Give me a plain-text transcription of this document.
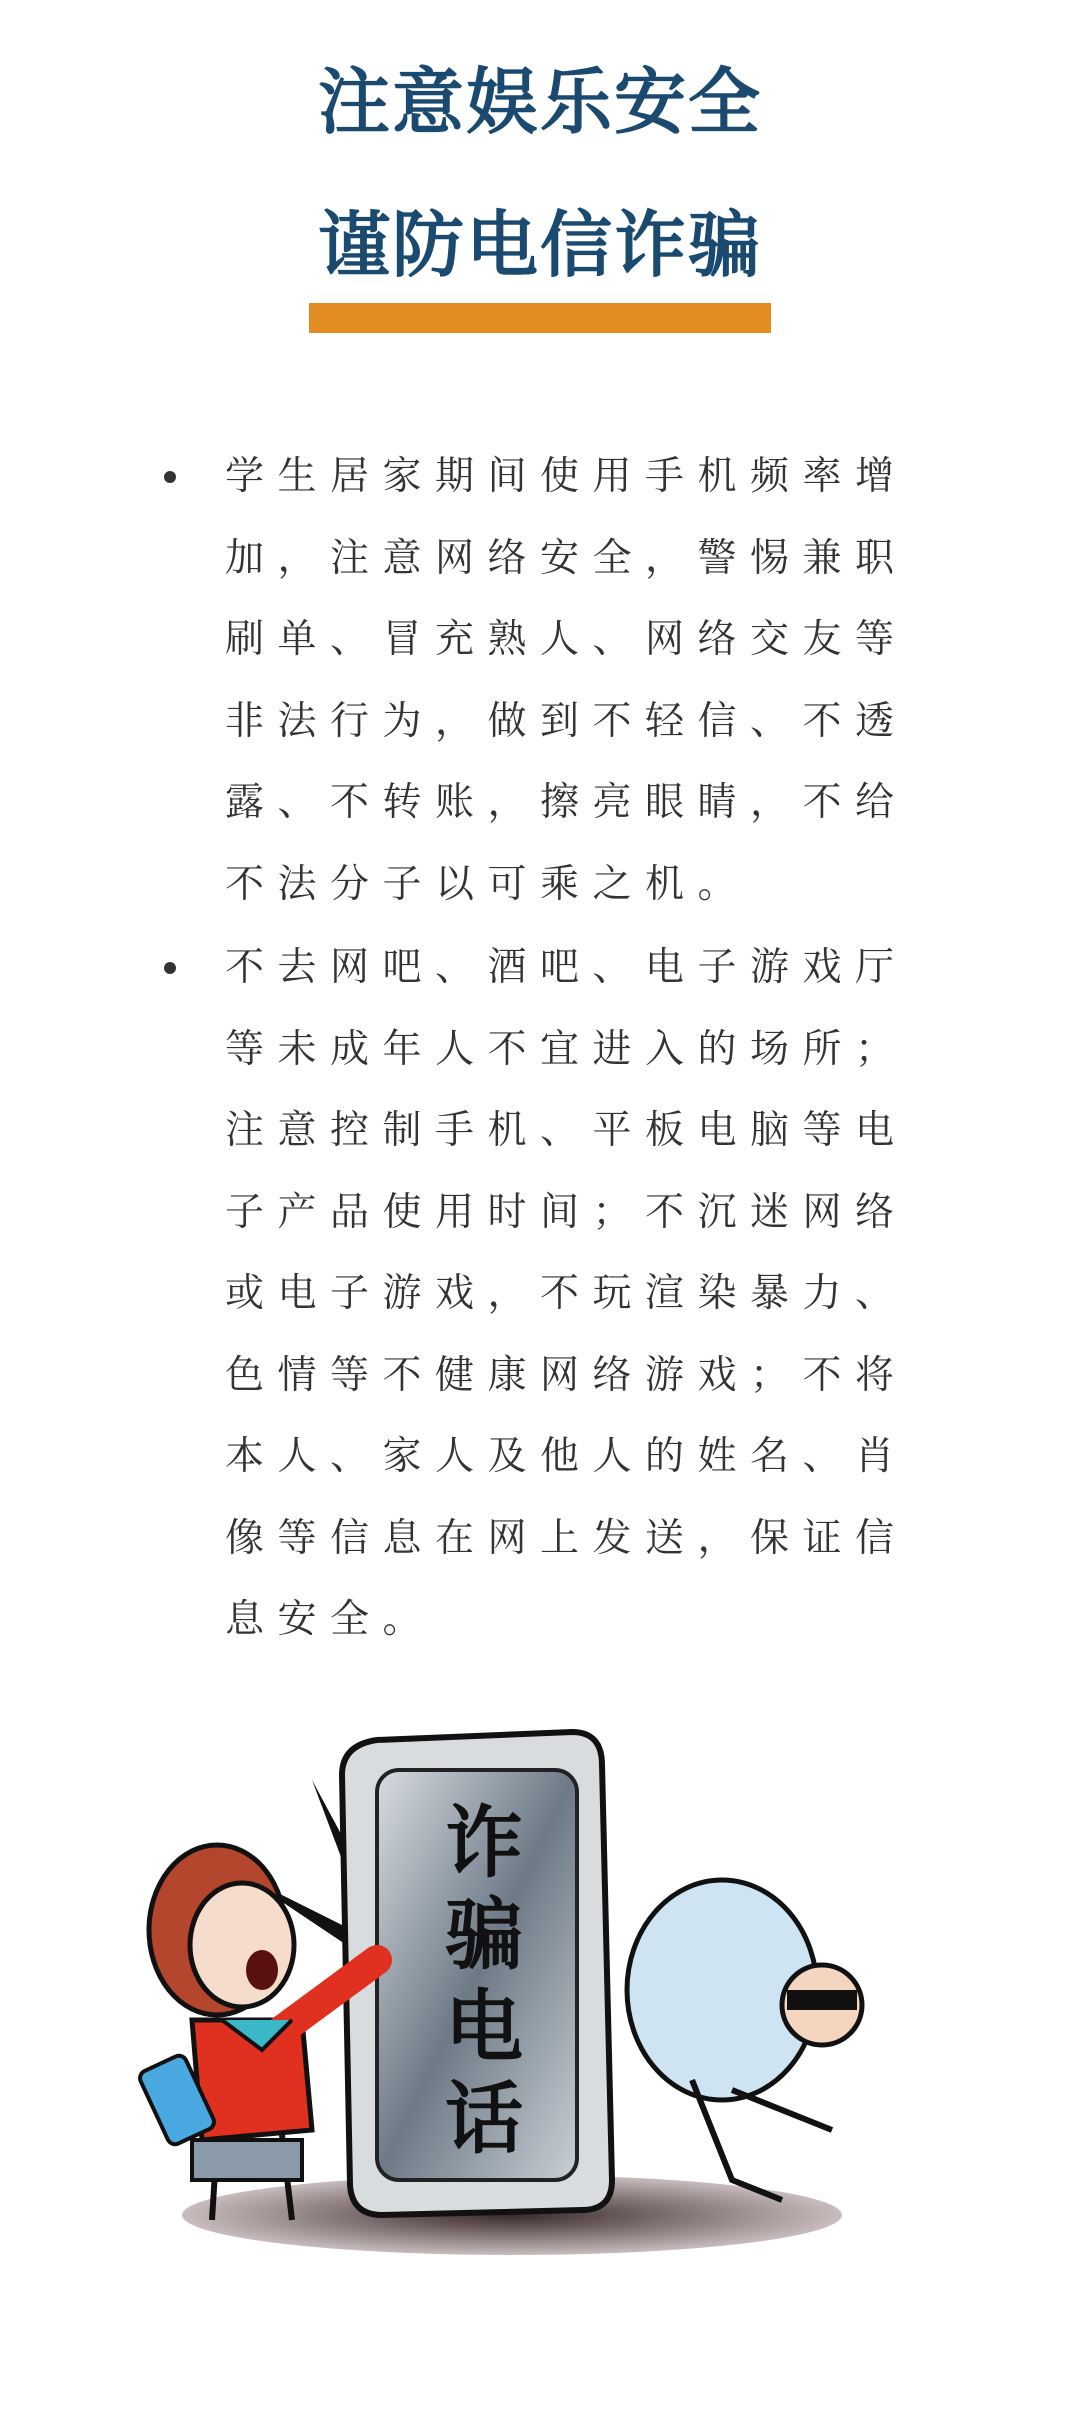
注意娱乐安全
谨防电信诈骗
学生居家期间使用手机频率增加，注意网络安全，警惕兼职刷单、冒充熟人、网络交友等非法行为，做到不轻信、不透露、不转账，擦亮眼睛，不给不法分子以可乘之机。
不去网吧、酒吧、电子游戏厅等未成年人不宜进入的场所；注意控制手机、平板电脑等电子产品使用时间；不沉迷网络或电子游戏，不玩渲染暴力、色情等不健康网络游戏；不将本人、家人及他人的姓名、肖像等信息在网上发送，保证信息安全。
诈骗电话
